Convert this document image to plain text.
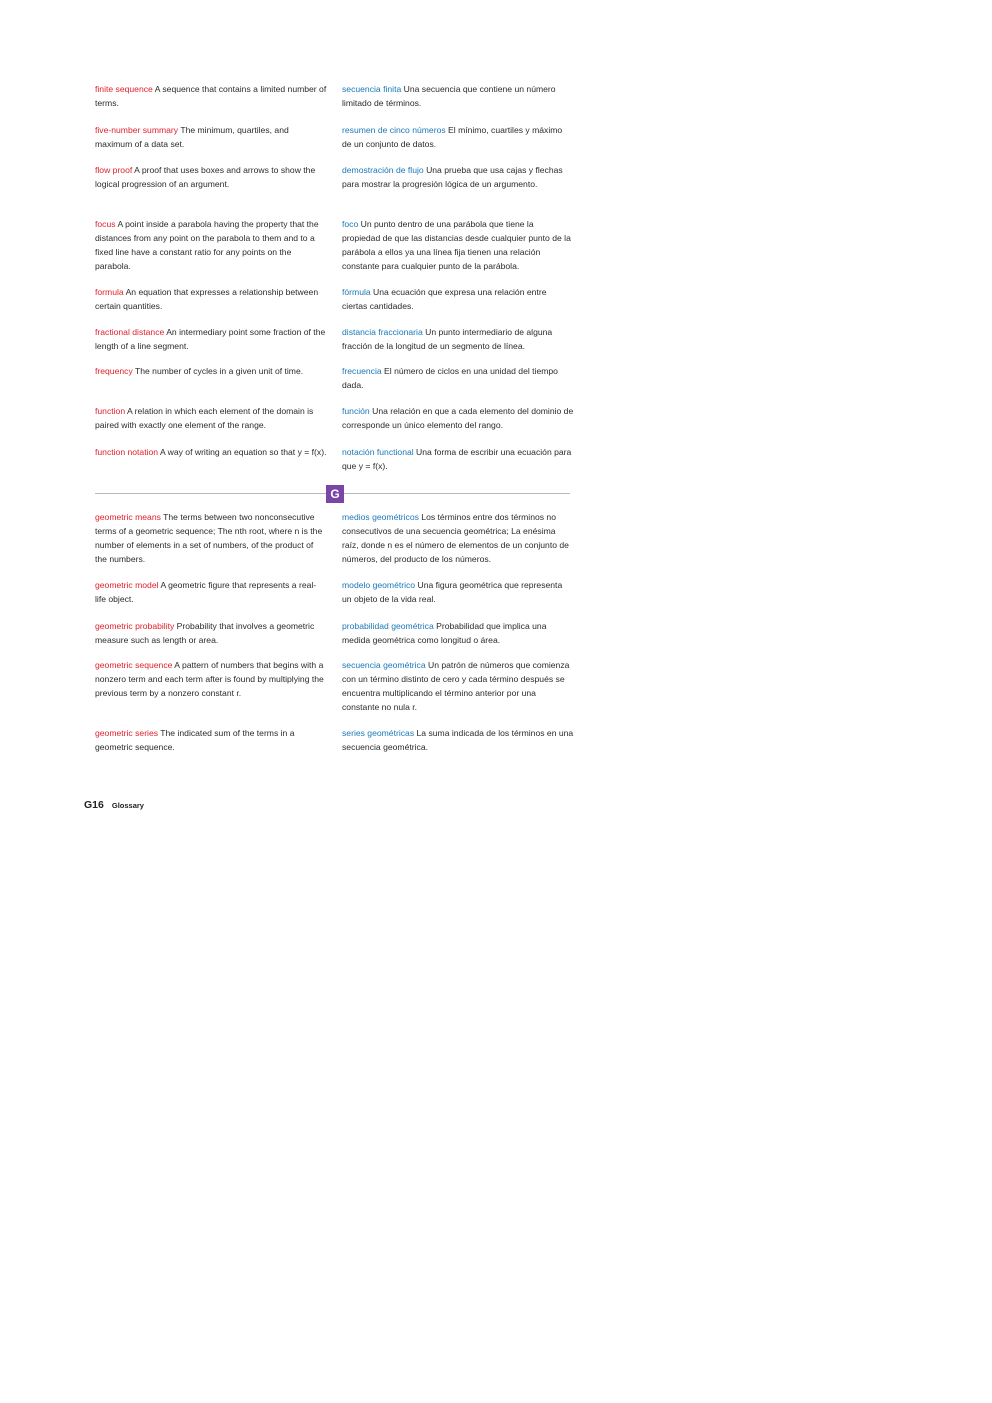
finite sequence A sequence that contains a limited number of terms.

secuencia finita Una secuencia que contiene un número limitado de términos.

five-number summary The minimum, quartiles, and maximum of a data set.

resumen de cinco números El mínimo, cuartiles y máximo de un conjunto de datos.

flow proof A proof that uses boxes and arrows to show the logical progression of an argument.

demostración de flujo Una prueba que usa cajas y flechas para mostrar la progresión lógica de un argumento.

focus A point inside a parabola having the property that the distances from any point on the parabola to them and to a fixed line have a constant ratio for any points on the parabola.

foco Un punto dentro de una parábola que tiene la propiedad de que las distancias desde cualquier punto de la parábola a ellos ya una línea fija tienen una relación constante para cualquier punto de la parábola.

formula An equation that expresses a relationship between certain quantities.

fórmula Una ecuación que expresa una relación entre ciertas cantidades.

fractional distance An intermediary point some fraction of the length of a line segment.

distancia fraccionaria Un punto intermediario de alguna fracción de la longitud de un segmento de línea.

frequency The number of cycles in a given unit of time.	frecuencia El número de ciclos en una unidad del tiempo dada.

function A relation in which each element of the domain is paired with exactly one element of the range.

función Una relación en que a cada elemento del dominio de corresponde un único elemento del rango.

function notation A way of writing an equation so that y = f(x). notación functional Una forma de escribir una ecuación para que y = f(x).

G

geometric means The terms between two nonconsecutive terms of a geometric sequence; The nth root, where n is the number of elements in a set of numbers, of the product of the numbers.

medios geométricos Los términos entre dos términos no consecutivos de una secuencia geométrica; La enésima raíz, donde n es el número de elementos de un conjunto de números, del producto de los números.

geometric model A geometric figure that represents a real-life object.

modelo geométrico Una figura geométrica que representa un objeto de la vida real.

geometric probability Probability that involves a geometric measure such as length or area.

probabilidad geométrica Probabilidad que implica una medida geométrica como longitud o área.

geometric sequence A pattern of numbers that begins with a nonzero term and each term after is found by multiplying the previous term by a nonzero constant r.

secuencia geométrica Un patrón de números que comienza con un término distinto de cero y cada término después se encuentra multiplicando el término anterior por una constante no nula r.

geometric series The indicated sum of the terms in a geometric sequence.

series geométricas La suma indicada de los términos en una secuencia geométrica.

G16 Glossary
